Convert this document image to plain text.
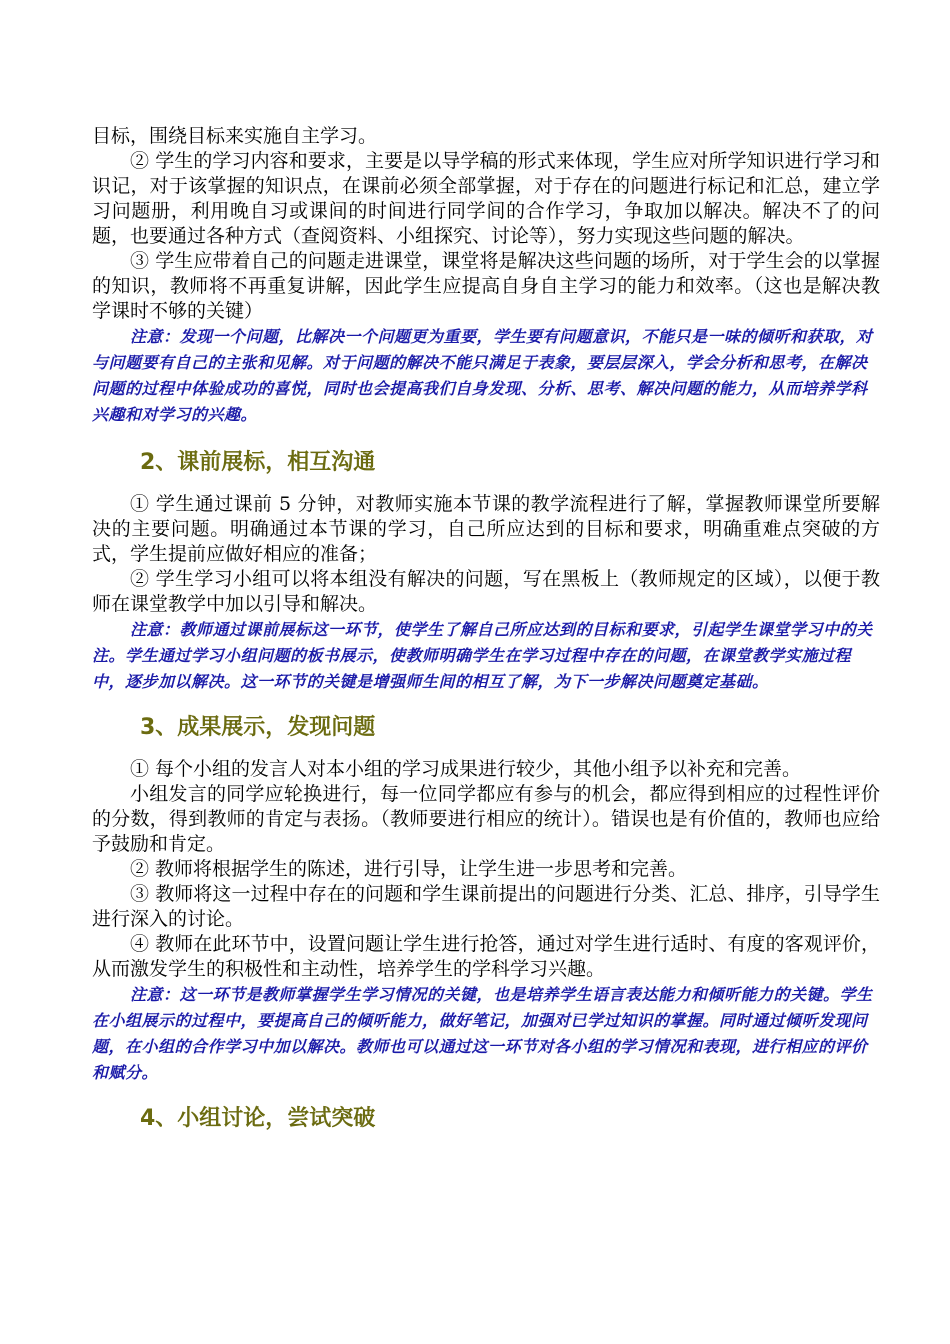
目标，围绕目标来实施自主学习。

② 学生的学习内容和要求，主要是以导学稿的形式来体现，学生应对所学知识进行学习和识记，对于该掌握的知识点，在课前必须全部掌握，对于存在的问题进行标记和汇总，建立学习问题册，利用晚自习或课间的时间进行同学间的合作学习，争取加以解决。解决不了的问题，也要通过各种方式（查阅资料、小组探究、讨论等），努力实现这些问题的解决。

③ 学生应带着自己的问题走进课堂，课堂将是解决这些问题的场所，对于学生会的以掌握的知识，教师将不再重复讲解，因此学生应提高自身自主学习的能力和效率。（这也是解决教学课时不够的关键）

注意：发现一个问题，比解决一个问题更为重要，学生要有问题意识，不能只是一味的倾听和获取，对与问题要有自己的主张和见解。对于问题的解决不能只满足于表象，要层层深入，学会分析和思考，在解决问题的过程中体验成功的喜悦，同时也会提高我们自身发现、分析、思考、解决问题的能力，从而培养学科兴趣和对学习的兴趣。

2、课前展标，相互沟通

① 学生通过课前 5 分钟，对教师实施本节课的教学流程进行了解，掌握教师课堂所要解决的主要问题。明确通过本节课的学习，自己所应达到的目标和要求，明确重难点突破的方式，学生提前应做好相应的准备；

② 学生学习小组可以将本组没有解决的问题，写在黑板上（教师规定的区域），以便于教师在课堂教学中加以引导和解决。

注意：教师通过课前展标这一环节，使学生了解自己所应达到的目标和要求，引起学生课堂学习中的关注。学生通过学习小组问题的板书展示，使教师明确学生在学习过程中存在的问题，在课堂教学实施过程中，逐步加以解决。这一环节的关键是增强师生间的相互了解，为下一步解决问题奠定基础。

3、成果展示，发现问题

① 每个小组的发言人对本小组的学习成果进行较少，其他小组予以补充和完善。

小组发言的同学应轮换进行，每一位同学都应有参与的机会，都应得到相应的过程性评价的分数，得到教师的肯定与表扬。（教师要进行相应的统计）。错误也是有价值的，教师也应给予鼓励和肯定。

② 教师将根据学生的陈述，进行引导，让学生进一步思考和完善。

③ 教师将这一过程中存在的问题和学生课前提出的问题进行分类、汇总、排序，引导学生进行深入的讨论。

④ 教师在此环节中，设置问题让学生进行抢答，通过对学生进行适时、有度的客观评价，从而激发学生的积极性和主动性，培养学生的学科学习兴趣。

注意：这一环节是教师掌握学生学习情况的关键，也是培养学生语言表达能力和倾听能力的关键。学生在小组展示的过程中，要提高自己的倾听能力，做好笔记，加强对已学过知识的掌握。同时通过倾听发现问题，在小组的合作学习中加以解决。教师也可以通过这一环节对各小组的学习情况和表现，进行相应的评价和赋分。

4、小组讨论，尝试突破
